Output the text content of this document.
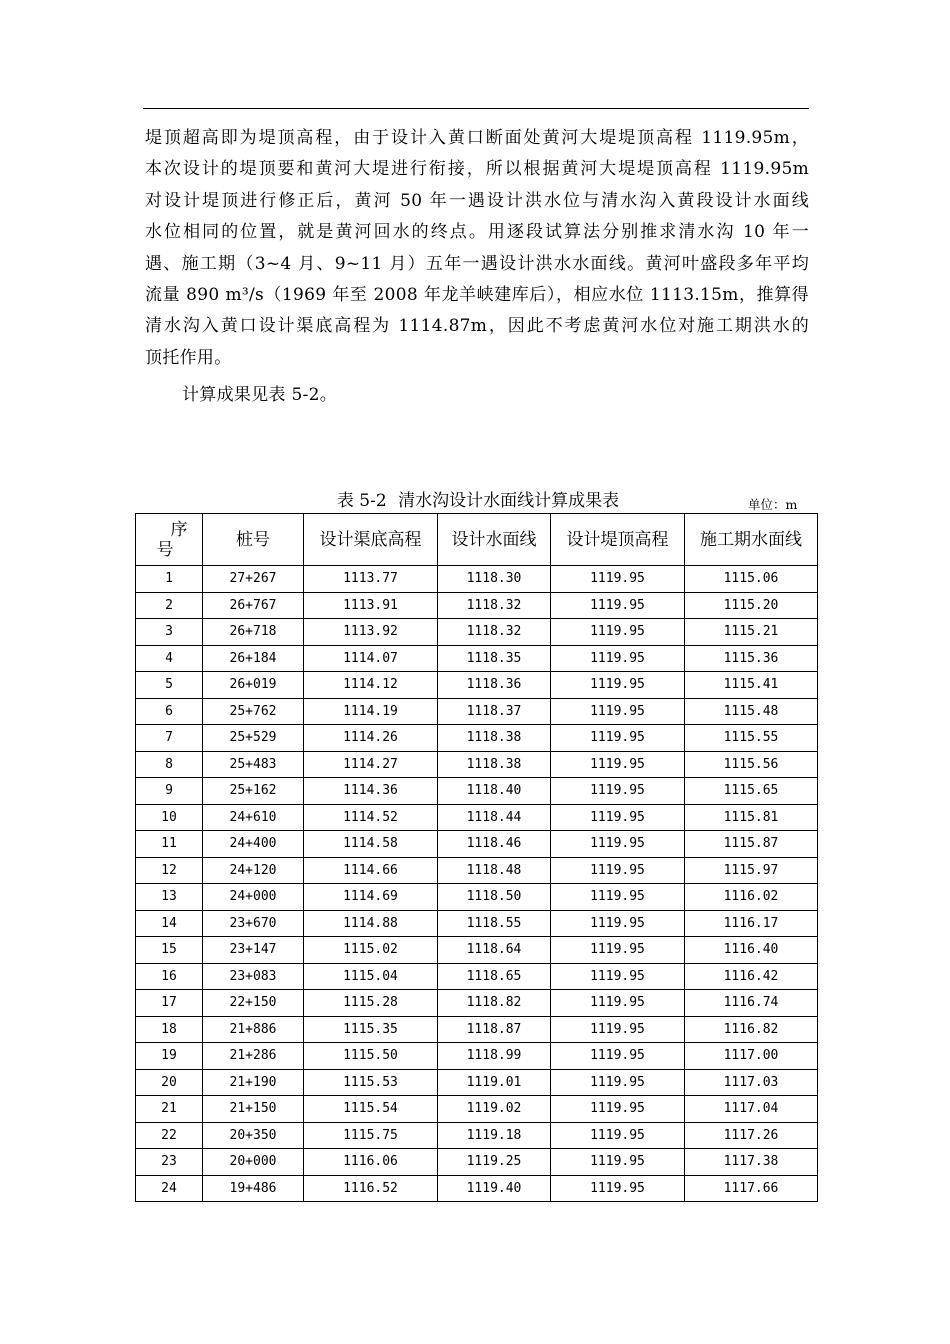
堤顶超高即为堤顶高程，由于设计入黄口断面处黄河大堤堤顶高程 1119.95m，

本次设计的堤顶要和黄河大堤进行衔接，所以根据黄河大堤堤顶高程 1119.95m

对设计堤顶进行修正后，黄河 50 年一遇设计洪水位与清水沟入黄段设计水面线

水位相同的位置，就是黄河回水的终点。用逐段试算法分别推求清水沟 10 年一

遇、施工期（3~4 月、9~11 月）五年一遇设计洪水水面线。黄河叶盛段多年平均

流量 890 m³/s（1969 年至 2008 年龙羊峡建库后），相应水位 1113.15m，推算得

清水沟入黄口设计渠底高程为 1114.87m，因此不考虑黄河水位对施工期洪水的

顶托作用。

计算成果见表 5-2。

表 5-2 清水沟设计水面线计算成果表	单位：m
序
号	桩号	设计渠底高程	设计水面线	设计堤顶高程	施工期水面线
1	27+267	1113.77	1118.30	1119.95	1115.06
2	26+767	1113.91	1118.32	1119.95	1115.20
3	26+718	1113.92	1118.32	1119.95	1115.21
4	26+184	1114.07	1118.35	1119.95	1115.36
5	26+019	1114.12	1118.36	1119.95	1115.41
6	25+762	1114.19	1118.37	1119.95	1115.48
7	25+529	1114.26	1118.38	1119.95	1115.55
8	25+483	1114.27	1118.38	1119.95	1115.56
9	25+162	1114.36	1118.40	1119.95	1115.65
10	24+610	1114.52	1118.44	1119.95	1115.81
11	24+400	1114.58	1118.46	1119.95	1115.87
12	24+120	1114.66	1118.48	1119.95	1115.97
13	24+000	1114.69	1118.50	1119.95	1116.02
14	23+670	1114.88	1118.55	1119.95	1116.17
15	23+147	1115.02	1118.64	1119.95	1116.40
16	23+083	1115.04	1118.65	1119.95	1116.42
17	22+150	1115.28	1118.82	1119.95	1116.74
18	21+886	1115.35	1118.87	1119.95	1116.82
19	21+286	1115.50	1118.99	1119.95	1117.00
20	21+190	1115.53	1119.01	1119.95	1117.03
21	21+150	1115.54	1119.02	1119.95	1117.04
22	20+350	1115.75	1119.18	1119.95	1117.26
23	20+000	1116.06	1119.25	1119.95	1117.38
24	19+486	1116.52	1119.40	1119.95	1117.66
